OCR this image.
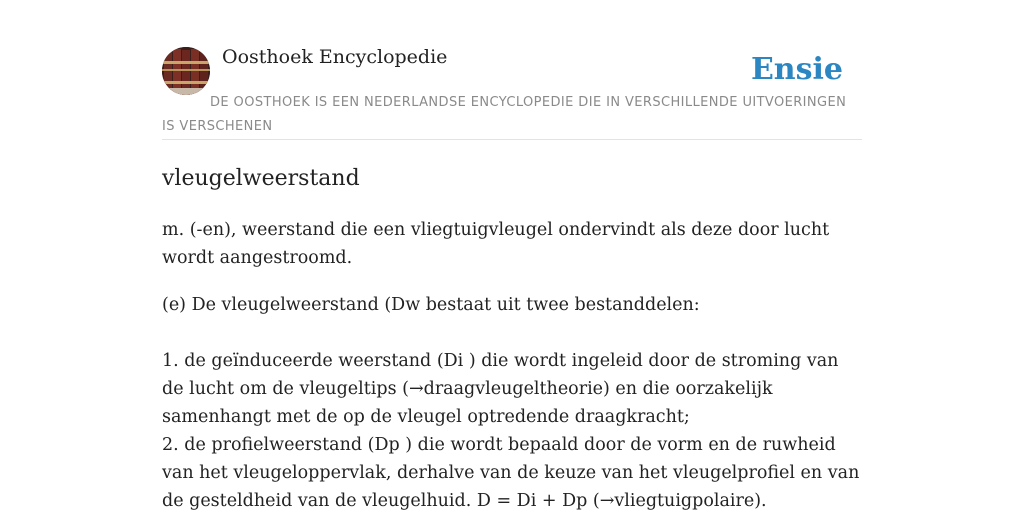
Oosthoek Encyclopedie	Ensie
DE OOSTHOEK IS EEN NEDERLANDSE ENCYCLOPEDIE DIE IN VERSCHILLENDE UITVOERINGEN IS VERSCHENEN
vleugelweerstand

m. (-en), weerstand die een vliegtuigvleugel ondervindt als deze door lucht wordt aangestroomd.

(e) De vleugelweerstand (Dw bestaat uit twee bestanddelen:

1. de geïnduceerde weerstand (Di ) die wordt ingeleid door de stroming van de lucht om de vleugeltips (→draagvleugeltheorie) en die oorzakelijk samenhangt met de op de vleugel optredende draagkracht;

2. de profielweerstand (Dp ) die wordt bepaald door de vorm en de ruwheid van het vleugeloppervlak, derhalve van de keuze van het vleugelprofiel en van de gesteldheid van de vleugelhuid. D = Di + Dp (→vliegtuigpolaire).
